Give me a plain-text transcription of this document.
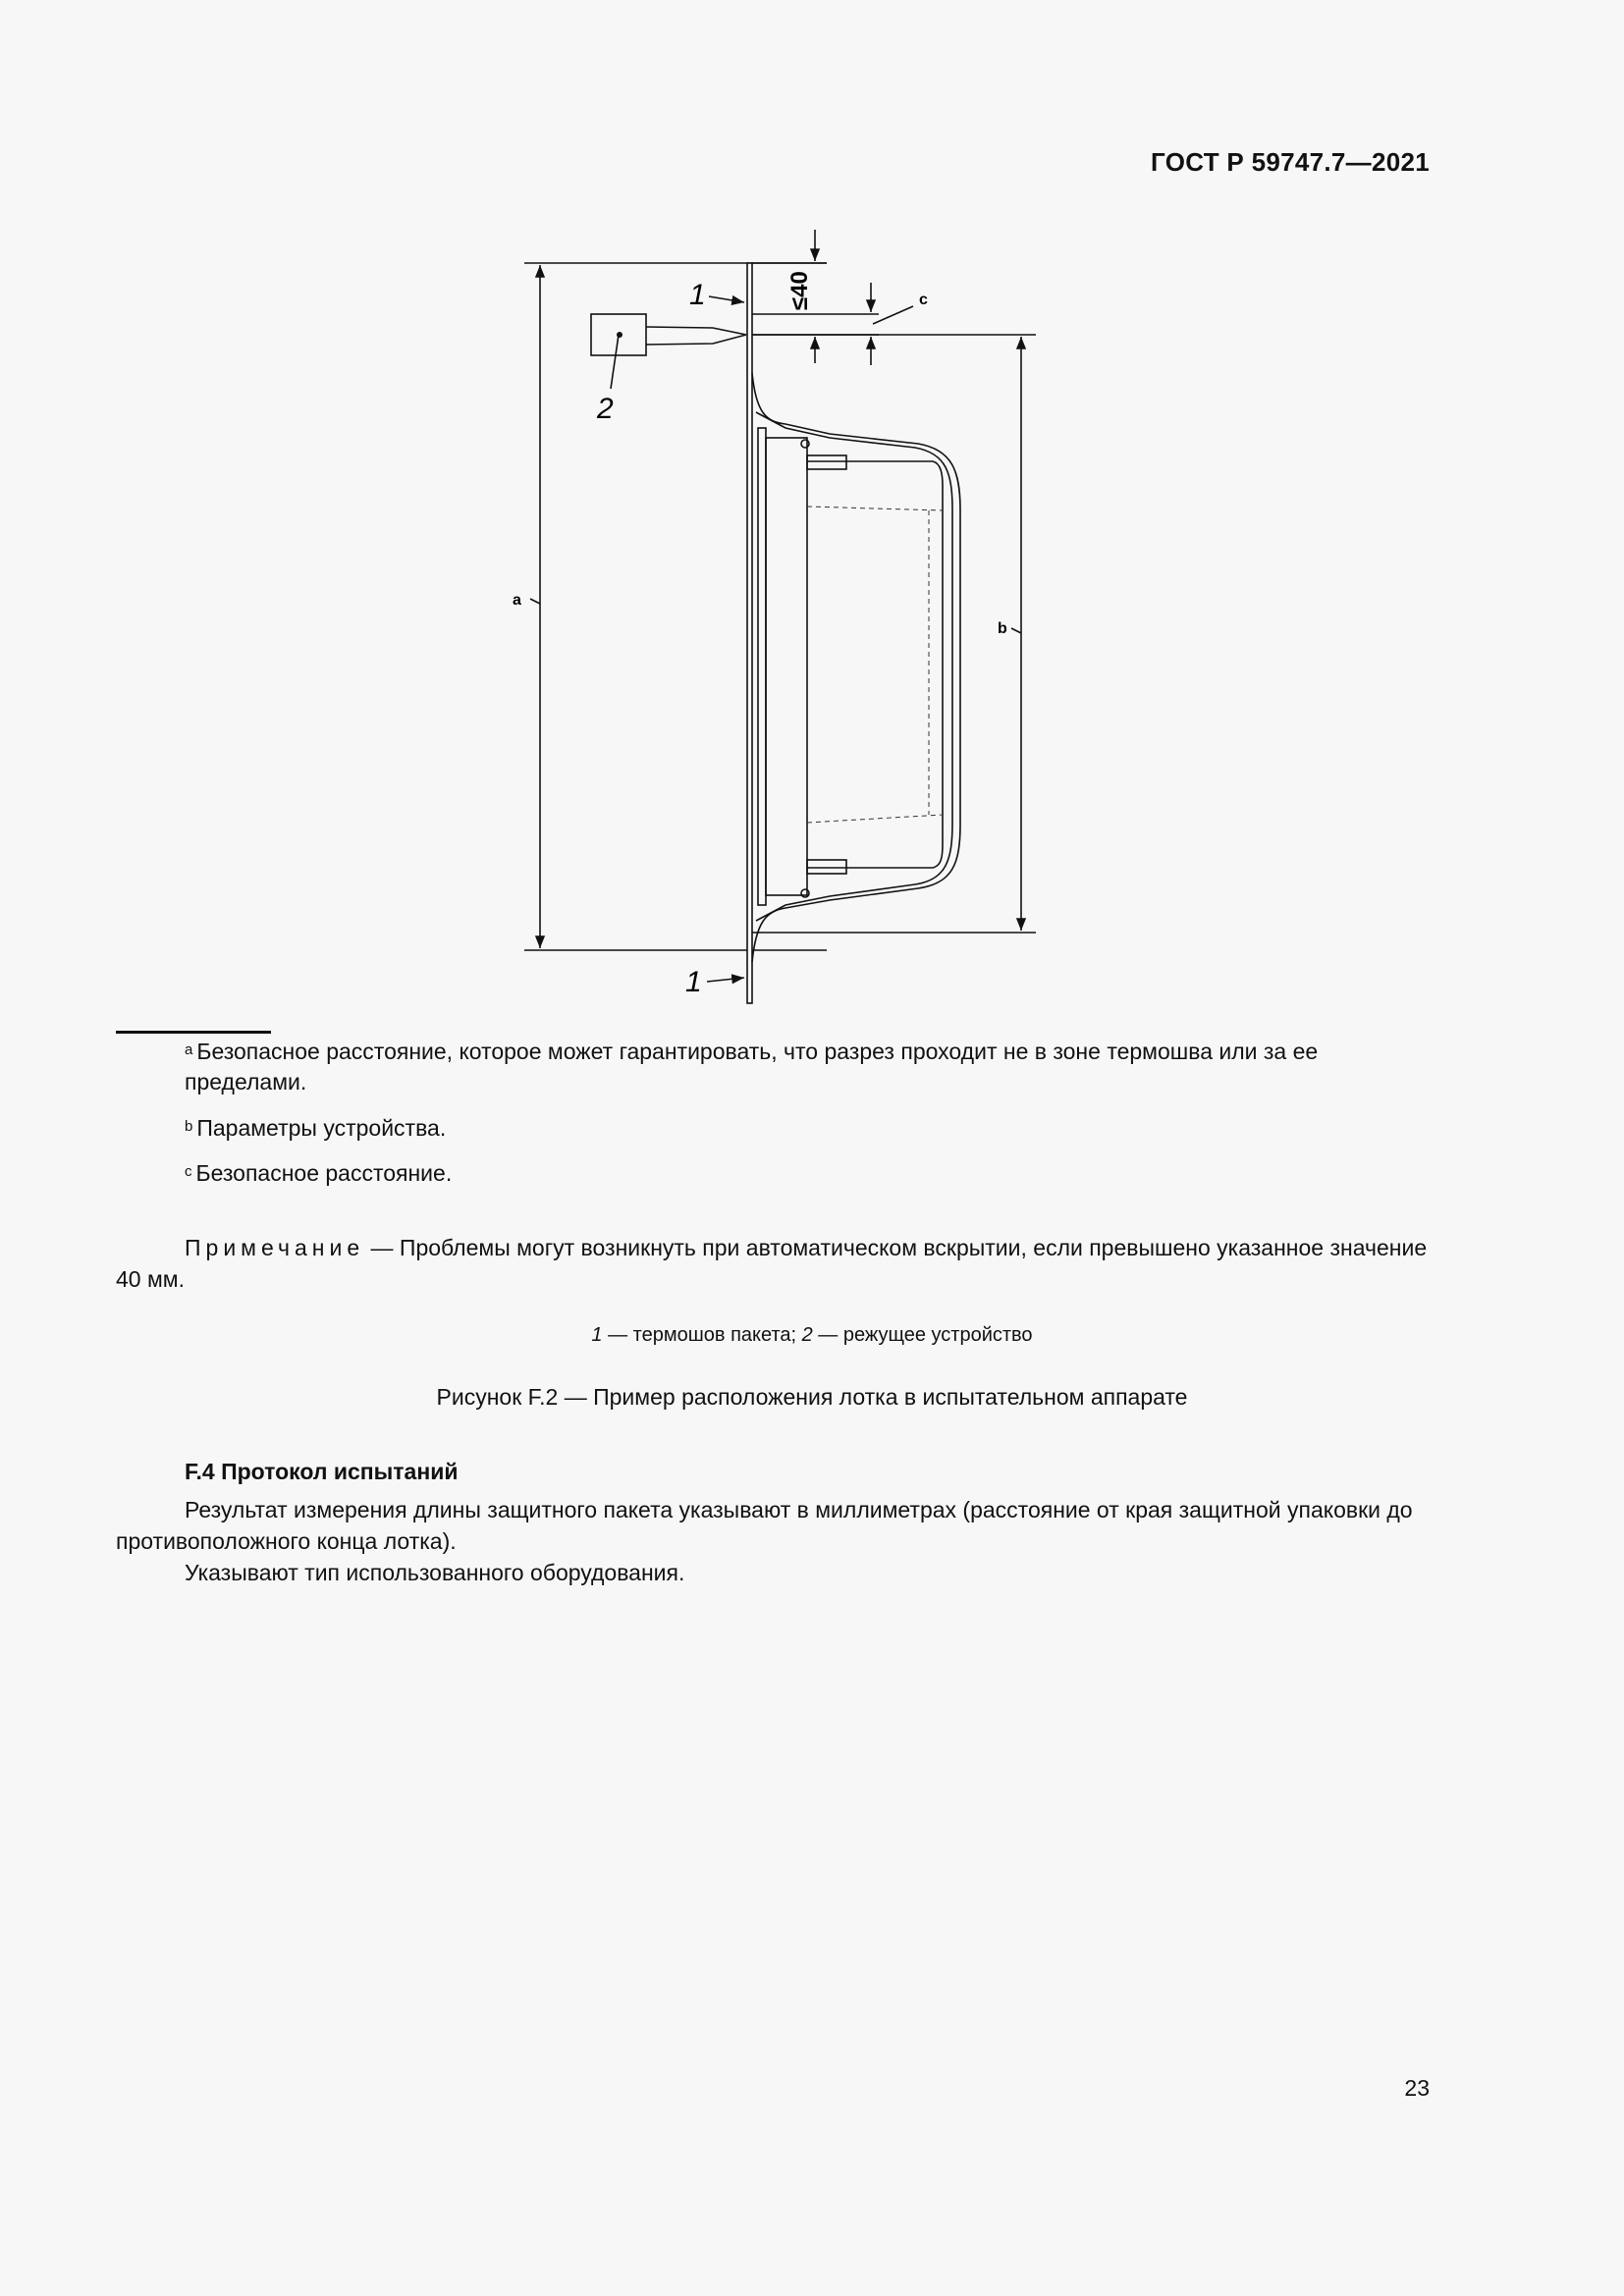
ГОСТ Р 59747.7—2021
1
1
2
a
b
c
≤40
$^a$ Безопасное расстояние, которое может гарантировать, что разрез проходит не в зоне термошва или за ее пределами.
$^b$ Параметры устройства.
$^c$ Безопасное расстояние.
Примечание — Проблемы могут возникнуть при автоматическом вскрытии, если превышено указанное значение 40 мм.
1 — термошов пакета; 2 — режущее устройство
Рисунок F.2 — Пример расположения лотка в испытательном аппарате
F.4 Протокол испытаний
Результат измерения длины защитного пакета указывают в миллиметрах (расстояние от края защитной упаковки до противоположного конца лотка).
Указывают тип использованного оборудования.
23
